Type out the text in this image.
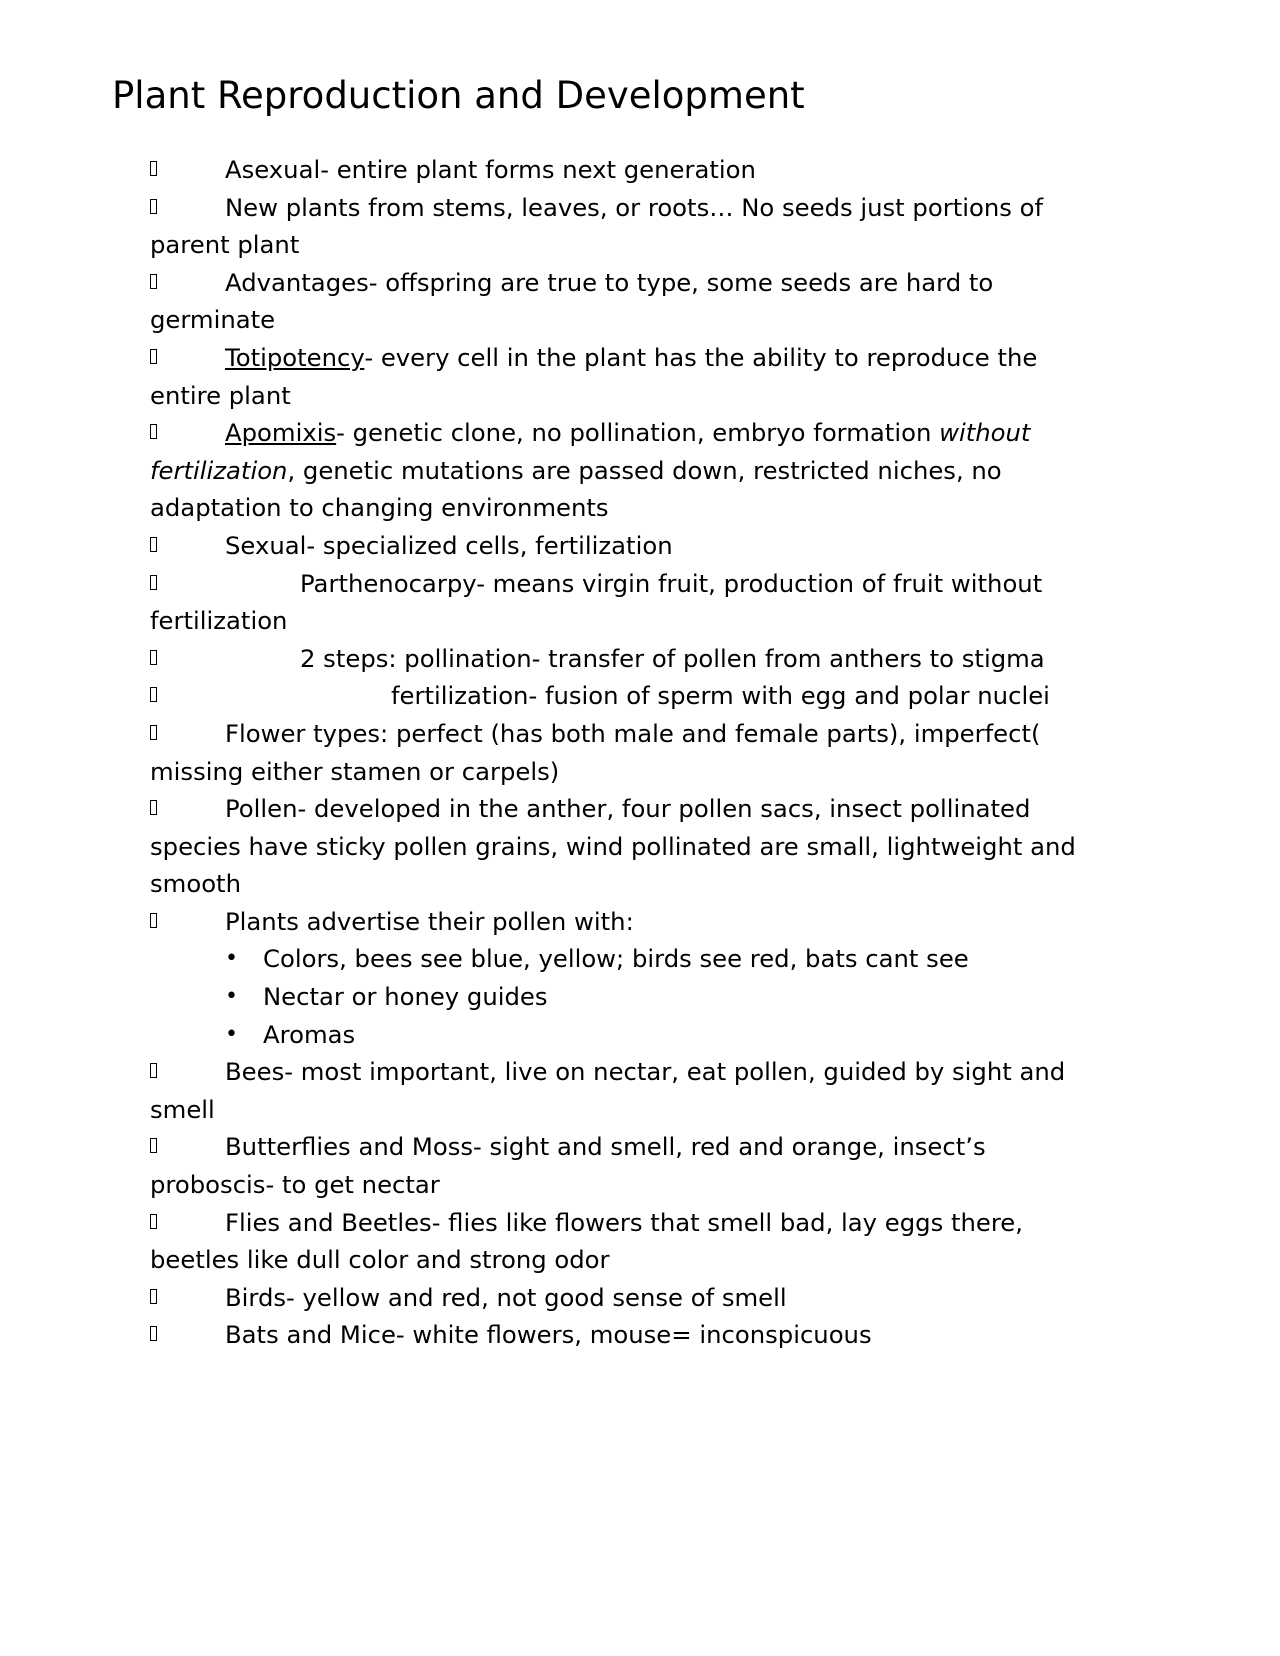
Plant Reproduction and Development

Asexual- entire plant forms next generation

New plants from stems, leaves, or roots… No seeds just portions of parent plant

Advantages- offspring are true to type, some seeds are hard to germinate

Totipotency- every cell in the plant has the ability to reproduce the entire plant

Apomixis- genetic clone, no pollination, embryo formation without fertilization, genetic mutations are passed down, restricted niches, no adaptation to changing environments

Sexual- specialized cells, fertilization

Parthenocarpy- means virgin fruit, production of fruit without fertilization

2 steps: pollination- transfer of pollen from anthers to stigma

fertilization- fusion of sperm with egg and polar nuclei

Flower types: perfect (has both male and female parts), imperfect( missing either stamen or carpels)

Pollen- developed in the anther, four pollen sacs, insect pollinated species have sticky pollen grains, wind pollinated are small, lightweight and smooth

Plants advertise their pollen with:

• Colors, bees see blue, yellow; birds see red, bats cant see
• Nectar or honey guides
• Aromas

Bees- most important, live on nectar, eat pollen, guided by sight and smell

Butterflies and Moss- sight and smell, red and orange, insect’s proboscis- to get nectar

Flies and Beetles- flies like flowers that smell bad, lay eggs there, beetles like dull color and strong odor

Birds- yellow and red, not good sense of smell

Bats and Mice- white flowers, mouse= inconspicuous
